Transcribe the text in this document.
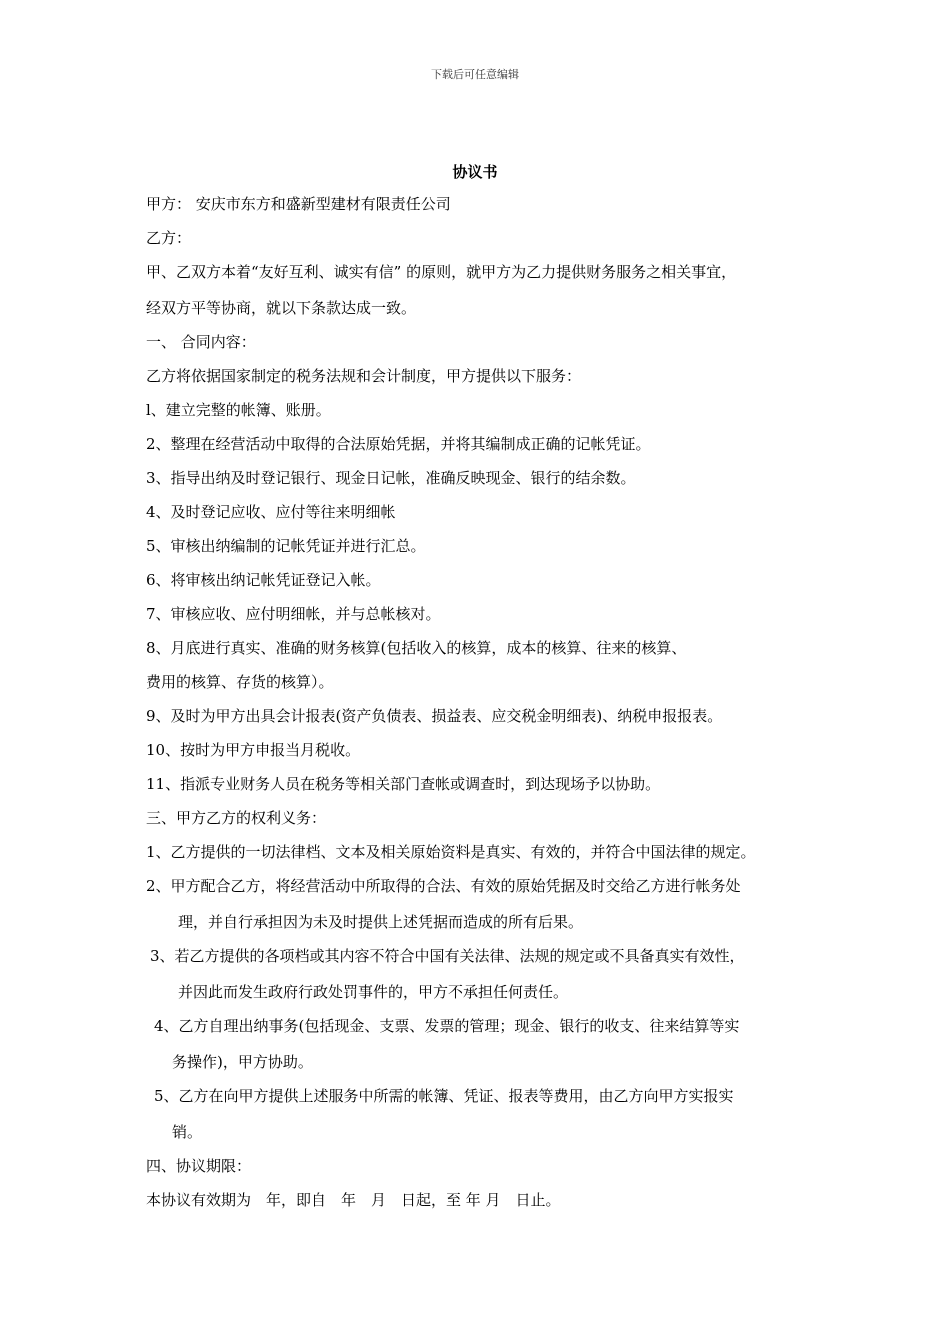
下载后可任意编辑
协议书
甲方： 安庆市东方和盛新型建材有限责任公司
乙方：
甲、乙双方本着“友好互利、诚实有信” 的原则，就甲方为乙力提供财务服务之相关事宜，
经双方平等协商，就以下条款达成一致。
一、 合同内容：
乙方将依据国家制定的税务法规和会计制度，甲方提供以下服务：
l、建立完整的帐簿、账册。
2、整理在经营活动中取得的合法原始凭据，并将其编制成正确的记帐凭证。
3、指导出纳及时登记银行、现金日记帐，准确反映现金、银行的结余数。
4、及时登记应收、应付等往来明细帐
5、审核出纳编制的记帐凭证并进行汇总。
6、将审核出纳记帐凭证登记入帐。
7、审核应收、应付明细帐，并与总帐核对。
8、月底进行真实、准确的财务核算(包括收入的核算，成本的核算、往来的核算、
费用的核算、存货的核算）。
9、及时为甲方出具会计报表(资产负债表、损益表、应交税金明细表)、纳税申报报表。
10、按时为甲方申报当月税收。
11、指派专业财务人员在税务等相关部门查帐或调查时，到达现场予以协助。
三、甲方乙方的权利义务：
1、乙方提供的一切法律档、文本及相关原始资料是真实、有效的，并符合中国法律的规定。
2、甲方配合乙方，将经营活动中所取得的合法、有效的原始凭据及时交给乙方进行帐务处
理，并自行承担因为未及时提供上述凭据而造成的所有后果。
3、若乙方提供的各项档或其内容不符合中国有关法律、法规的规定或不具备真实有效性，
并因此而发生政府行政处罚事件的，甲方不承担任何责任。
4、乙方自理出纳事务(包括现金、支票、发票的管理；现金、银行的收支、往来结算等实
务操作)，甲方协助。
5、乙方在向甲方提供上述服务中所需的帐簿、凭证、报表等费用，由乙方向甲方实报实
销。
四、协议期限：
本协议有效期为　年，即自　年　月　日起，至 年 月　日止。
